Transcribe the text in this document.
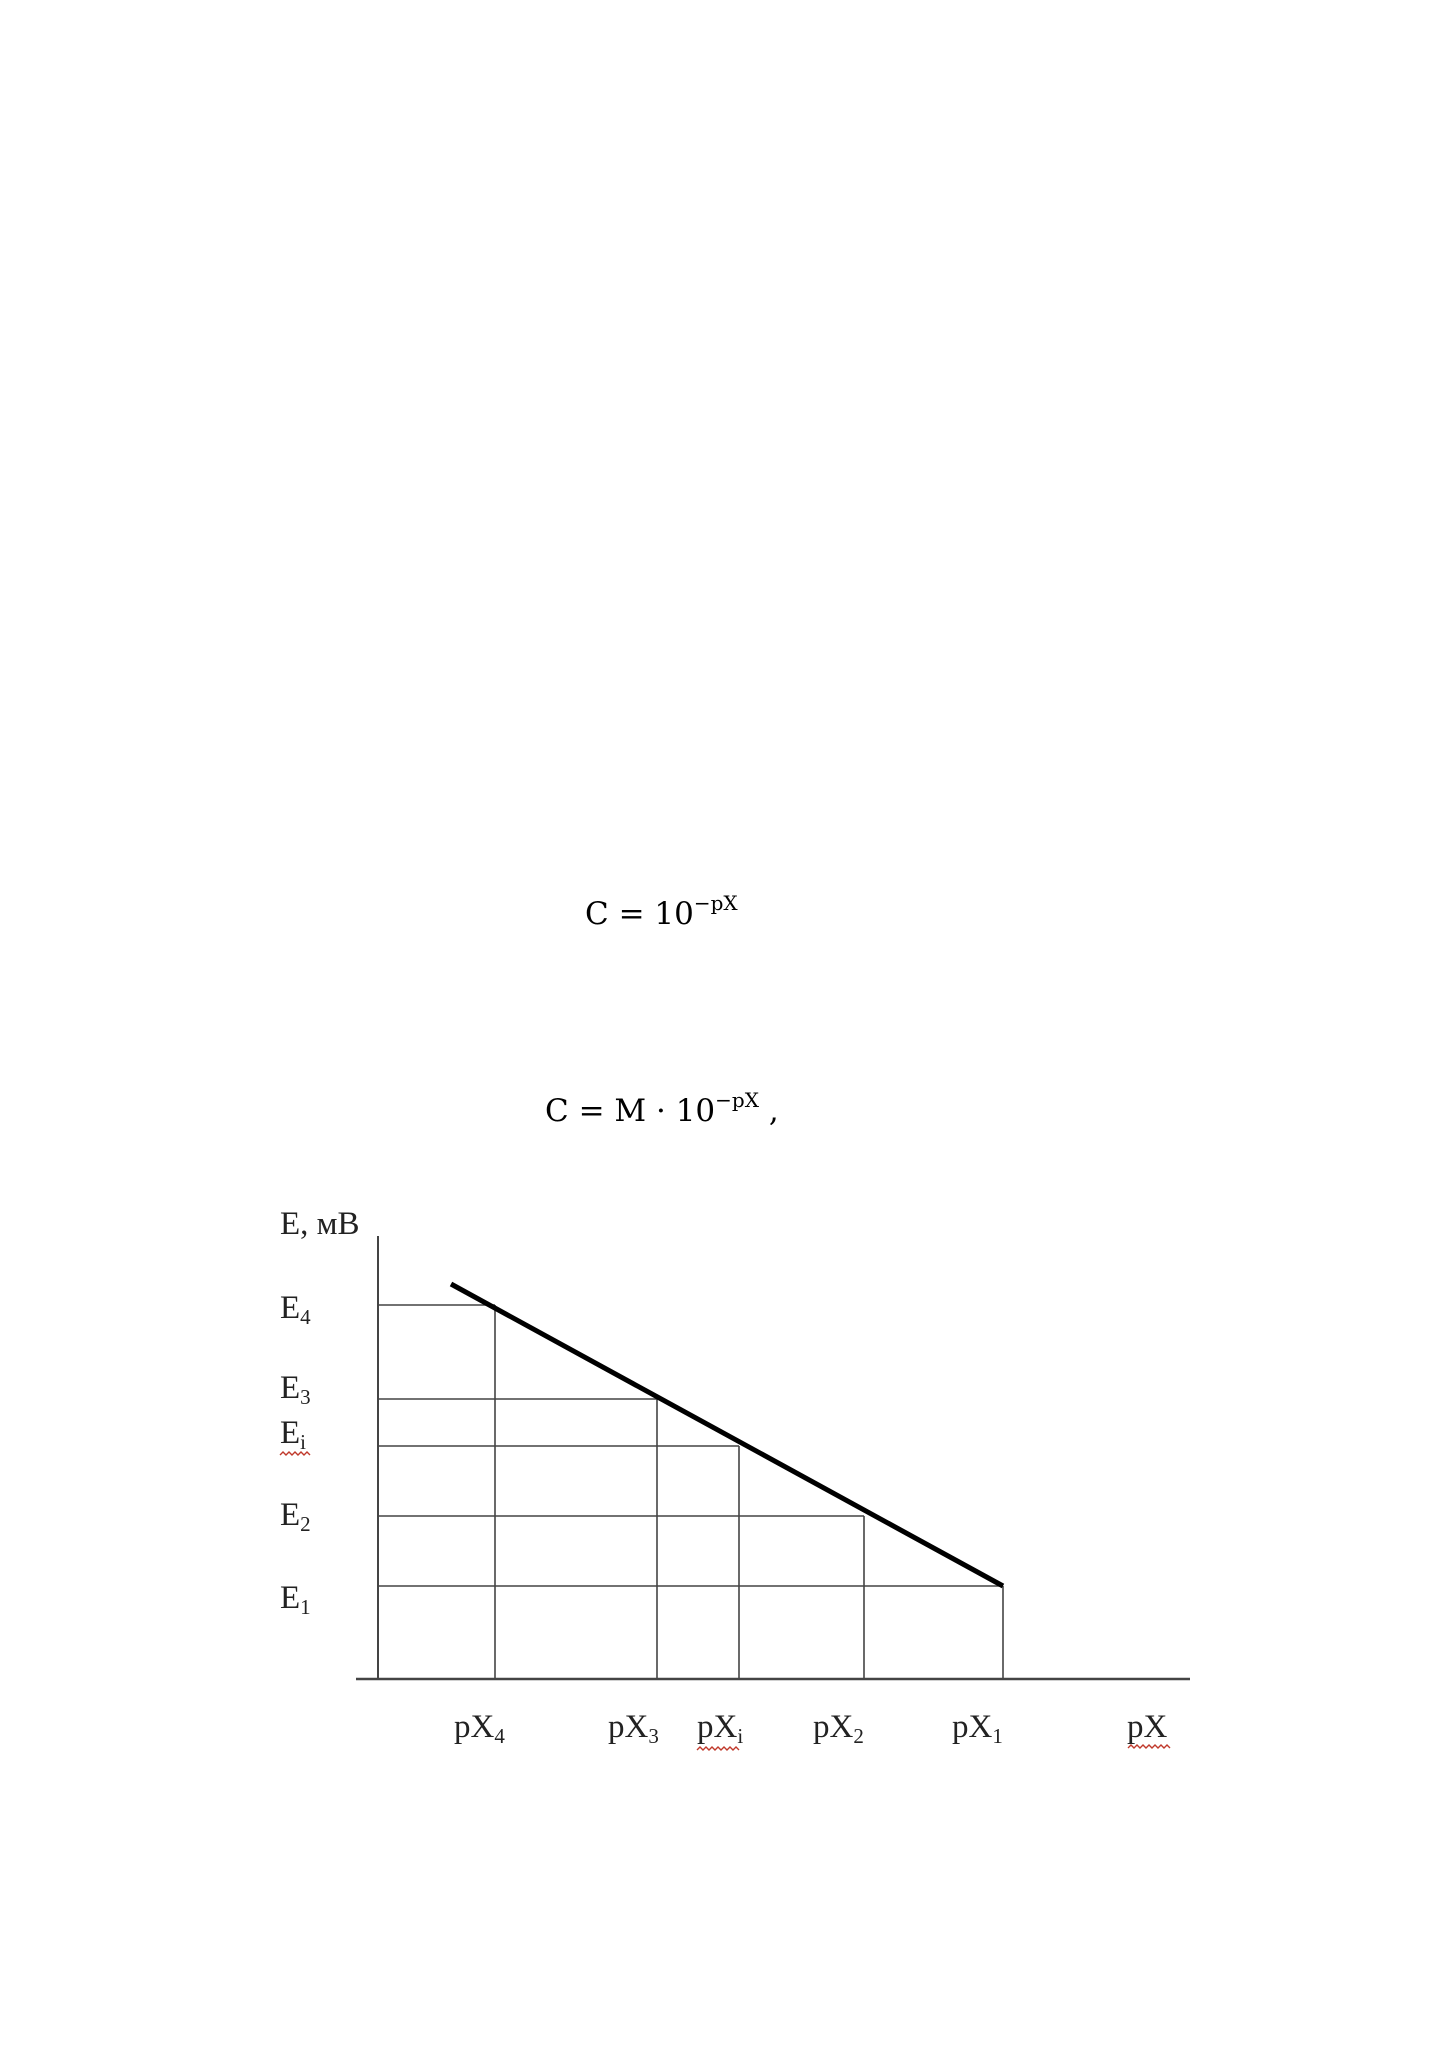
$C = 10^{-pX}$
$C = M \cdot 10^{-pX}$ ,
E, мВ
E4
E3
Ei
E2
E1
pX4	pX3 pXi pX2	pX1	pX
